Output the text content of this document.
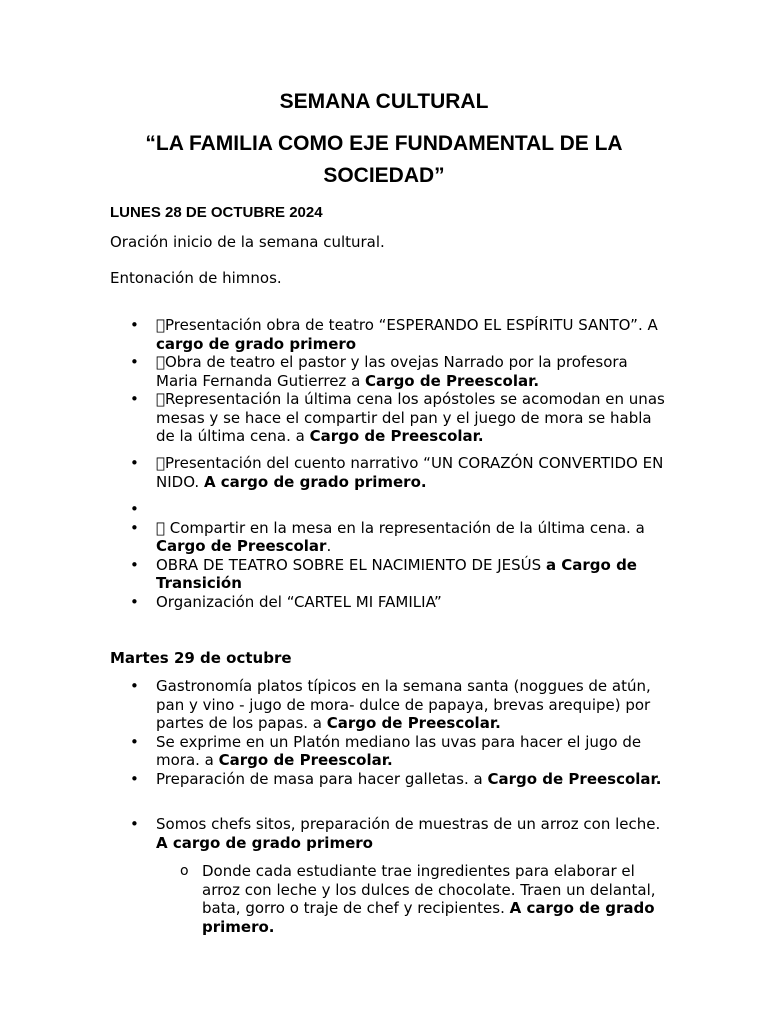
SEMANA CULTURAL
“LA FAMILIA COMO EJE FUNDAMENTAL DE LA SOCIEDAD”
LUNES 28 DE OCTUBRE 2024
Oración inicio de la semana cultural.
Entonación de himnos.
• Presentación obra de teatro “ESPERANDO EL ESPÍRITU SANTO”. A cargo de grado primero
• Obra de teatro el pastor y las ovejas Narrado por la profesora Maria Fernanda Gutierrez a Cargo de Preescolar.
• Representación la última cena los apóstoles se acomodan en unas mesas y se hace el compartir del pan y el juego de mora se habla de la última cena. a Cargo de Preescolar.
• Presentación del cuento narrativo “UN CORAZÓN CONVERTIDO EN NIDO. A cargo de grado primero.
•
• Compartir en la mesa en la representación de la última cena. a Cargo de Preescolar.
• OBRA DE TEATRO SOBRE EL NACIMIENTO DE JESÚS a Cargo de Transición
• Organización del “CARTEL MI FAMILIA”
Martes 29 de octubre
• Gastronomía platos típicos en la semana santa (noggues de atún, pan y vino - jugo de mora- dulce de papaya, brevas arequipe) por partes de los papas. a Cargo de Preescolar.
• Se exprime en un Platón mediano las uvas para hacer el jugo de mora. a Cargo de Preescolar.
• Preparación de masa para hacer galletas. a Cargo de Preescolar.
• Somos chefs sitos, preparación de muestras de un arroz con leche. A cargo de grado primero
o Donde cada estudiante trae ingredientes para elaborar el arroz con leche y los dulces de chocolate. Traen un delantal, bata, gorro o traje de chef y recipientes. A cargo de grado primero.
